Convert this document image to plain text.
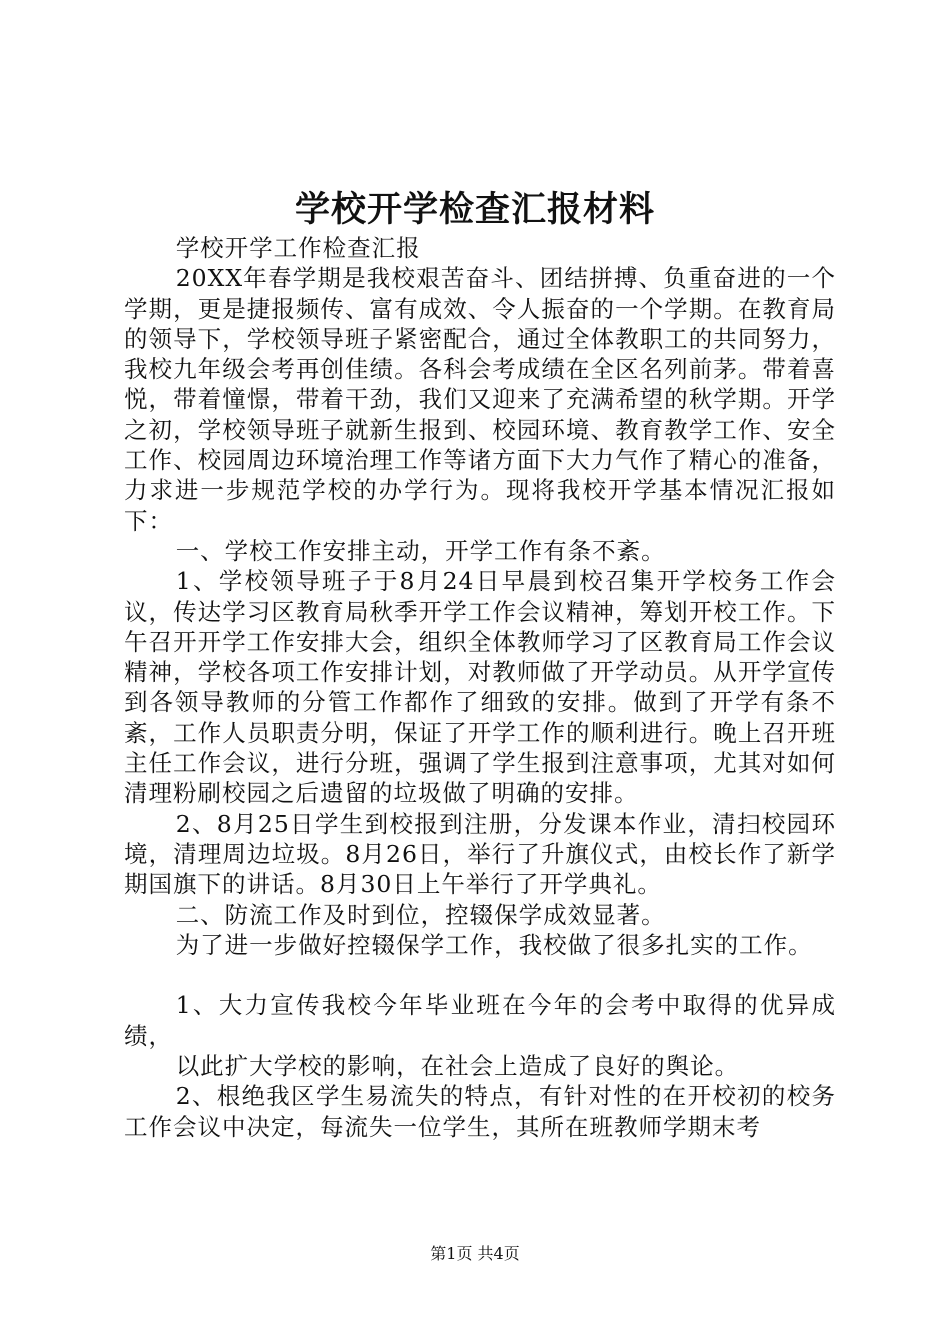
学校开学检查汇报材料

学校开学工作检查汇报

20XX年春学期是我校艰苦奋斗、团结拼搏、负重奋进的一个学期，更是捷报频传、富有成效、令人振奋的一个学期。在教育局的领导下，学校领导班子紧密配合，通过全体教职工的共同努力，我校九年级会考再创佳绩。各科会考成绩在全区名列前茅。带着喜悦，带着憧憬，带着干劲，我们又迎来了充满希望的秋学期。开学之初，学校领导班子就新生报到、校园环境、教育教学工作、安全工作、校园周边环境治理工作等诸方面下大力气作了精心的准备，力求进一步规范学校的办学行为。现将我校开学基本情况汇报如下：

一、学校工作安排主动，开学工作有条不紊。

1、学校领导班子于8月24日早晨到校召集开学校务工作会议，传达学习区教育局秋季开学工作会议精神，筹划开校工作。下午召开开学工作安排大会，组织全体教师学习了区教育局工作会议精神，学校各项工作安排计划，对教师做了开学动员。从开学宣传到各领导教师的分管工作都作了细致的安排。做到了开学有条不紊，工作人员职责分明，保证了开学工作的顺利进行。晚上召开班主任工作会议，进行分班，强调了学生报到注意事项，尤其对如何清理粉刷校园之后遗留的垃圾做了明确的安排。

2、8月25日学生到校报到注册，分发课本作业，清扫校园环境，清理周边垃圾。8月26日，举行了升旗仪式，由校长作了新学期国旗下的讲话。8月30日上午举行了开学典礼。

二、防流工作及时到位，控辍保学成效显著。

为了进一步做好控辍保学工作，我校做了很多扎实的工作。

1、大力宣传我校今年毕业班在今年的会考中取得的优异成绩，

以此扩大学校的影响，在社会上造成了良好的舆论。

2、根绝我区学生易流失的特点，有针对性的在开校初的校务工作会议中决定，每流失一位学生，其所在班教师学期末考

第1页 共4页
